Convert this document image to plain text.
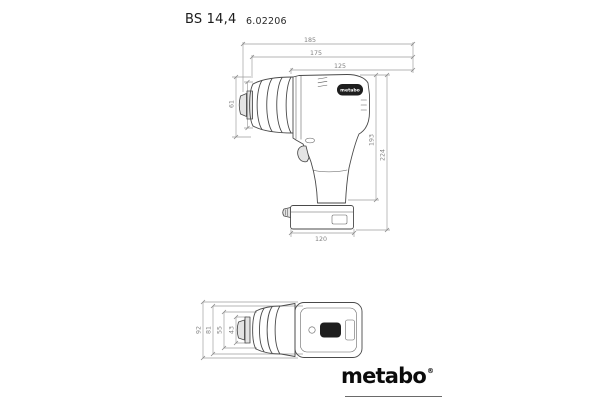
BS 14,4 6.02206
185
175
125
61
193
224
120
metabo
92 81 55 43
metabo®
